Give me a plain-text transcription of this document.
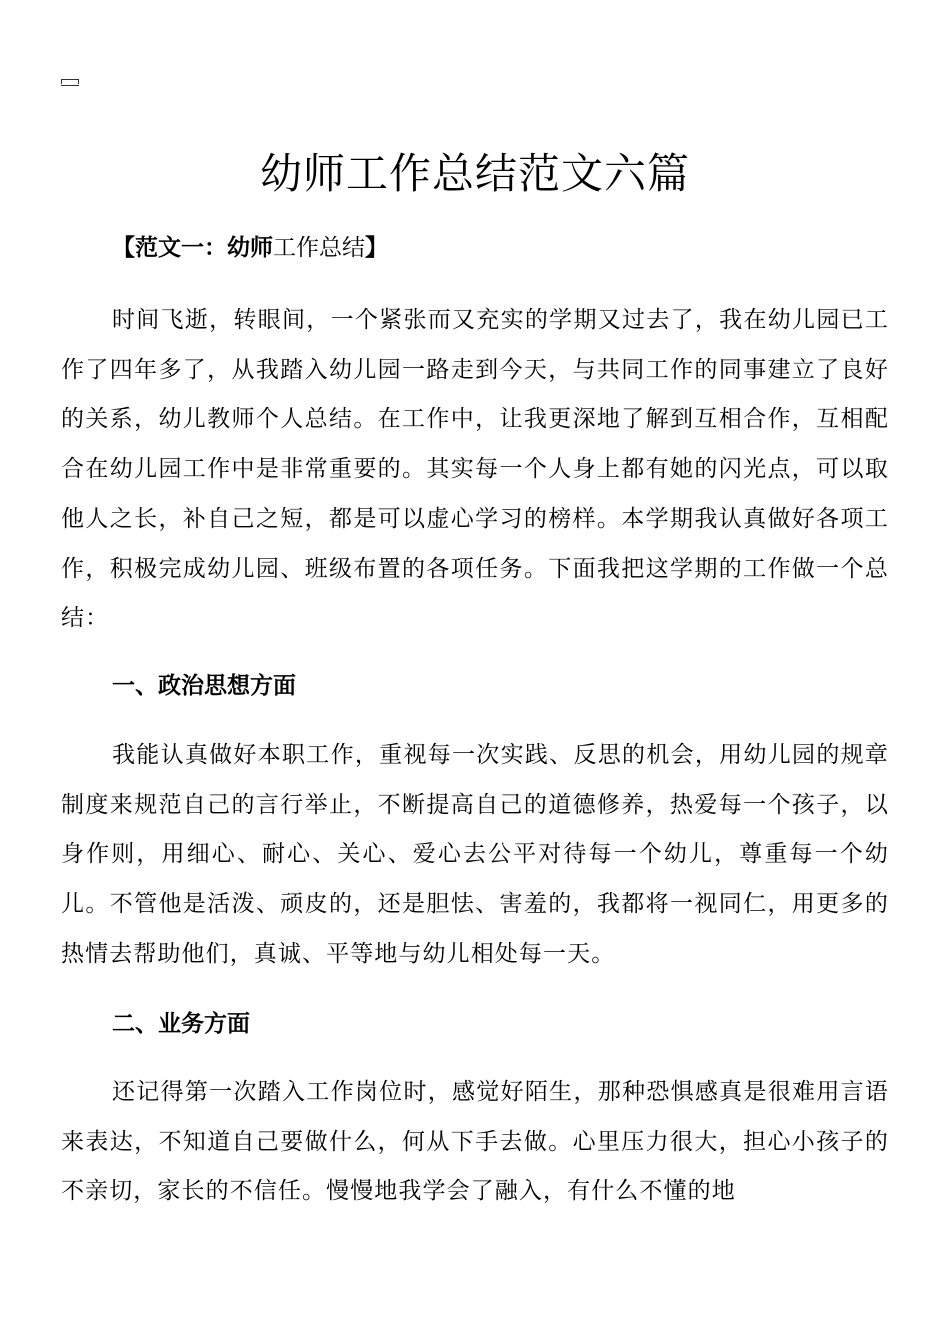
幼师工作总结范文六篇

【范文一：幼师工作总结】

时间飞逝，转眼间，一个紧张而又充实的学期又过去了，我在幼儿园已工作了四年多了，从我踏入幼儿园一路走到今天，与共同工作的同事建立了良好的关系，幼儿教师个人总结。在工作中，让我更深地了解到互相合作，互相配合在幼儿园工作中是非常重要的。其实每一个人身上都有她的闪光点，可以取他人之长，补自己之短，都是可以虚心学习的榜样。本学期我认真做好各项工作，积极完成幼儿园、班级布置的各项任务。下面我把这学期的工作做一个总结：

一、政治思想方面

我能认真做好本职工作，重视每一次实践、反思的机会，用幼儿园的规章制度来规范自己的言行举止，不断提高自己的道德修养，热爱每一个孩子，以身作则，用细心、耐心、关心、爱心去公平对待每一个幼儿，尊重每一个幼儿。不管他是活泼、顽皮的，还是胆怯、害羞的，我都将一视同仁，用更多的热情去帮助他们，真诚、平等地与幼儿相处每一天。

二、业务方面

还记得第一次踏入工作岗位时，感觉好陌生，那种恐惧感真是很难用言语来表达，不知道自己要做什么，何从下手去做。心里压力很大，担心小孩子的不亲切，家长的不信任。慢慢地我学会了融入，有什么不懂的地
